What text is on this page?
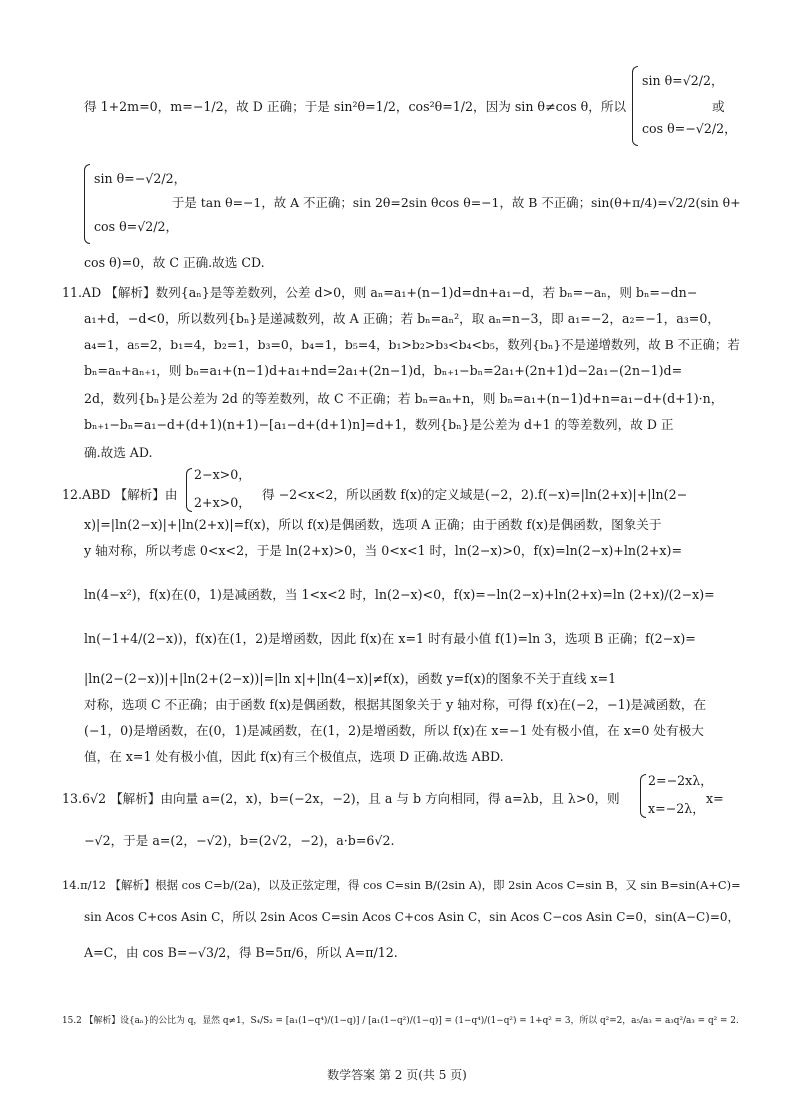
得 1+2m=0，m=−1/2，故 D 正确；于是 sin²θ=1/2，cos²θ=1/2，因为 sin θ≠cos θ，所以
sin θ=√2/2，
cos θ=−√2/2，
或
sin θ=−√2/2，
cos θ=√2/2，
于是 tan θ=−1，故 A 不正确；sin 2θ=2sin θcos θ=−1，故 B 不正确；sin(θ+π/4)=√2/2(sin θ+
cos θ)=0，故 C 正确.故选 CD.
11.AD 【解析】数列{aₙ}是等差数列，公差 d>0，则 aₙ=a₁+(n−1)d=dn+a₁−d，若 bₙ=−aₙ，则 bₙ=−dn−
a₁+d，−d<0，所以数列{bₙ}是递减数列，故 A 正确；若 bₙ=aₙ²，取 aₙ=n−3，即 a₁=−2，a₂=−1，a₃=0，
a₄=1，a₅=2，b₁=4，b₂=1，b₃=0，b₄=1，b₅=4，b₁>b₂>b₃<b₄<b₅，数列{bₙ}不是递增数列，故 B 不正确；若
bₙ=aₙ+aₙ₊₁，则 bₙ=a₁+(n−1)d+a₁+nd=2a₁+(2n−1)d，bₙ₊₁−bₙ=2a₁+(2n+1)d−2a₁−(2n−1)d=
2d，数列{bₙ}是公差为 2d 的等差数列，故 C 不正确；若 bₙ=aₙ+n，则 bₙ=a₁+(n−1)d+n=a₁−d+(d+1)·n，
bₙ₊₁−bₙ=a₁−d+(d+1)(n+1)−[a₁−d+(d+1)n]=d+1，数列{bₙ}是公差为 d+1 的等差数列，故 D 正
确.故选 AD.
12.ABD 【解析】由
2−x>0，
2+x>0，
得 −2<x<2，所以函数 f(x)的定义域是(−2，2).f(−x)=|ln(2+x)|+|ln(2−
x)|=|ln(2−x)|+|ln(2+x)|=f(x)，所以 f(x)是偶函数，选项 A 正确；由于函数 f(x)是偶函数，图象关于
y 轴对称，所以考虑 0<x<2，于是 ln(2+x)>0，当 0<x<1 时，ln(2−x)>0，f(x)=ln(2−x)+ln(2+x)=
ln(4−x²)，f(x)在(0，1)是减函数，当 1<x<2 时，ln(2−x)<0，f(x)=−ln(2−x)+ln(2+x)=ln (2+x)/(2−x)=
ln(−1+4/(2−x))，f(x)在(1，2)是增函数，因此 f(x)在 x=1 时有最小值 f(1)=ln 3，选项 B 正确；f(2−x)=
|ln(2−(2−x))|+|ln(2+(2−x))|=|ln x|+|ln(4−x)|≠f(x)，函数 y=f(x)的图象不关于直线 x=1
对称，选项 C 不正确；由于函数 f(x)是偶函数，根据其图象关于 y 轴对称，可得 f(x)在(−2，−1)是减函数，在
(−1，0)是增函数，在(0，1)是减函数，在(1，2)是增函数，所以 f(x)在 x=−1 处有极小值，在 x=0 处有极大
值，在 x=1 处有极小值，因此 f(x)有三个极值点，选项 D 正确.故选 ABD.
13.6√2 【解析】由向量 a=(2，x)，b=(−2x，−2)，且 a 与 b 方向相同，得 a=λb，且 λ>0，则
2=−2xλ，
x=−2λ，
x=
−√2，于是 a=(2，−√2)，b=(2√2，−2)，a·b=6√2.
14.π/12 【解析】根据 cos C=b/(2a)，以及正弦定理，得 cos C=sin B/(2sin A)，即 2sin Acos C=sin B，又 sin B=sin(A+C)=
sin Acos C+cos Asin C，所以 2sin Acos C=sin Acos C+cos Asin C，sin Acos C−cos Asin C=0，sin(A−C)=0，
A=C，由 cos B=−√3/2，得 B=5π/6，所以 A=π/12.
15.2 【解析】设{aₙ}的公比为 q，显然 q≠1，S₄/S₂ = [a₁(1−q⁴)/(1−q)] / [a₁(1−q²)/(1−q)] = (1−q⁴)/(1−q²) = 1+q² = 3，所以 q²=2，a₅/a₃ = a₃q²/a₃ = q² = 2.
数学答案 第 2 页(共 5 页)
